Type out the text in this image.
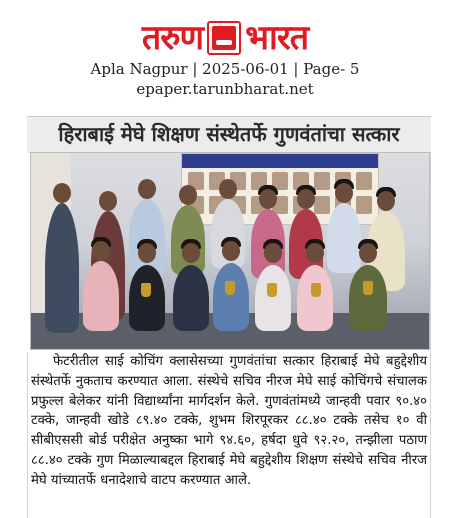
तरुण भारत
Apla Nagpur | 2025-06-01 | Page- 5
epaper.tarunbharat.net
हिराबाई मेघे शिक्षण संस्थेतर्फे गुणवंतांचा सत्कार

फेटरीतील साई कोचिंग क्लासेसच्या गुणवंतांचा सत्कार हिराबाई मेघे बहुद्देशीय संस्थेतर्फे नुकताच करण्यात आला. संस्थेचे सचिव नीरज मेघे साई कोचिंगचे संचालक प्रफुल्ल बेलेकर यांनी विद्यार्थ्यांना मार्गदर्शन केले. गुणवंतांमध्ये जान्हवी पवार ९०.४० टक्के, जान्हवी खोडे ८९.४० टक्के, शुभम शिरपूरकर ८८.४० टक्के तसेच १० वी सीबीएससी बोर्ड परीक्षेत अनुष्का भागे ९४.६०, हर्षदा धुवे ९२.२०, तन्झीला पठाण ८८.४० टक्के गुण मिळाल्याबद्दल हिराबाई मेघे बहुद्देशीय शिक्षण संस्थेचे सचिव नीरज मेघे यांच्यातर्फे धनादेशाचे वाटप करण्यात आले.
